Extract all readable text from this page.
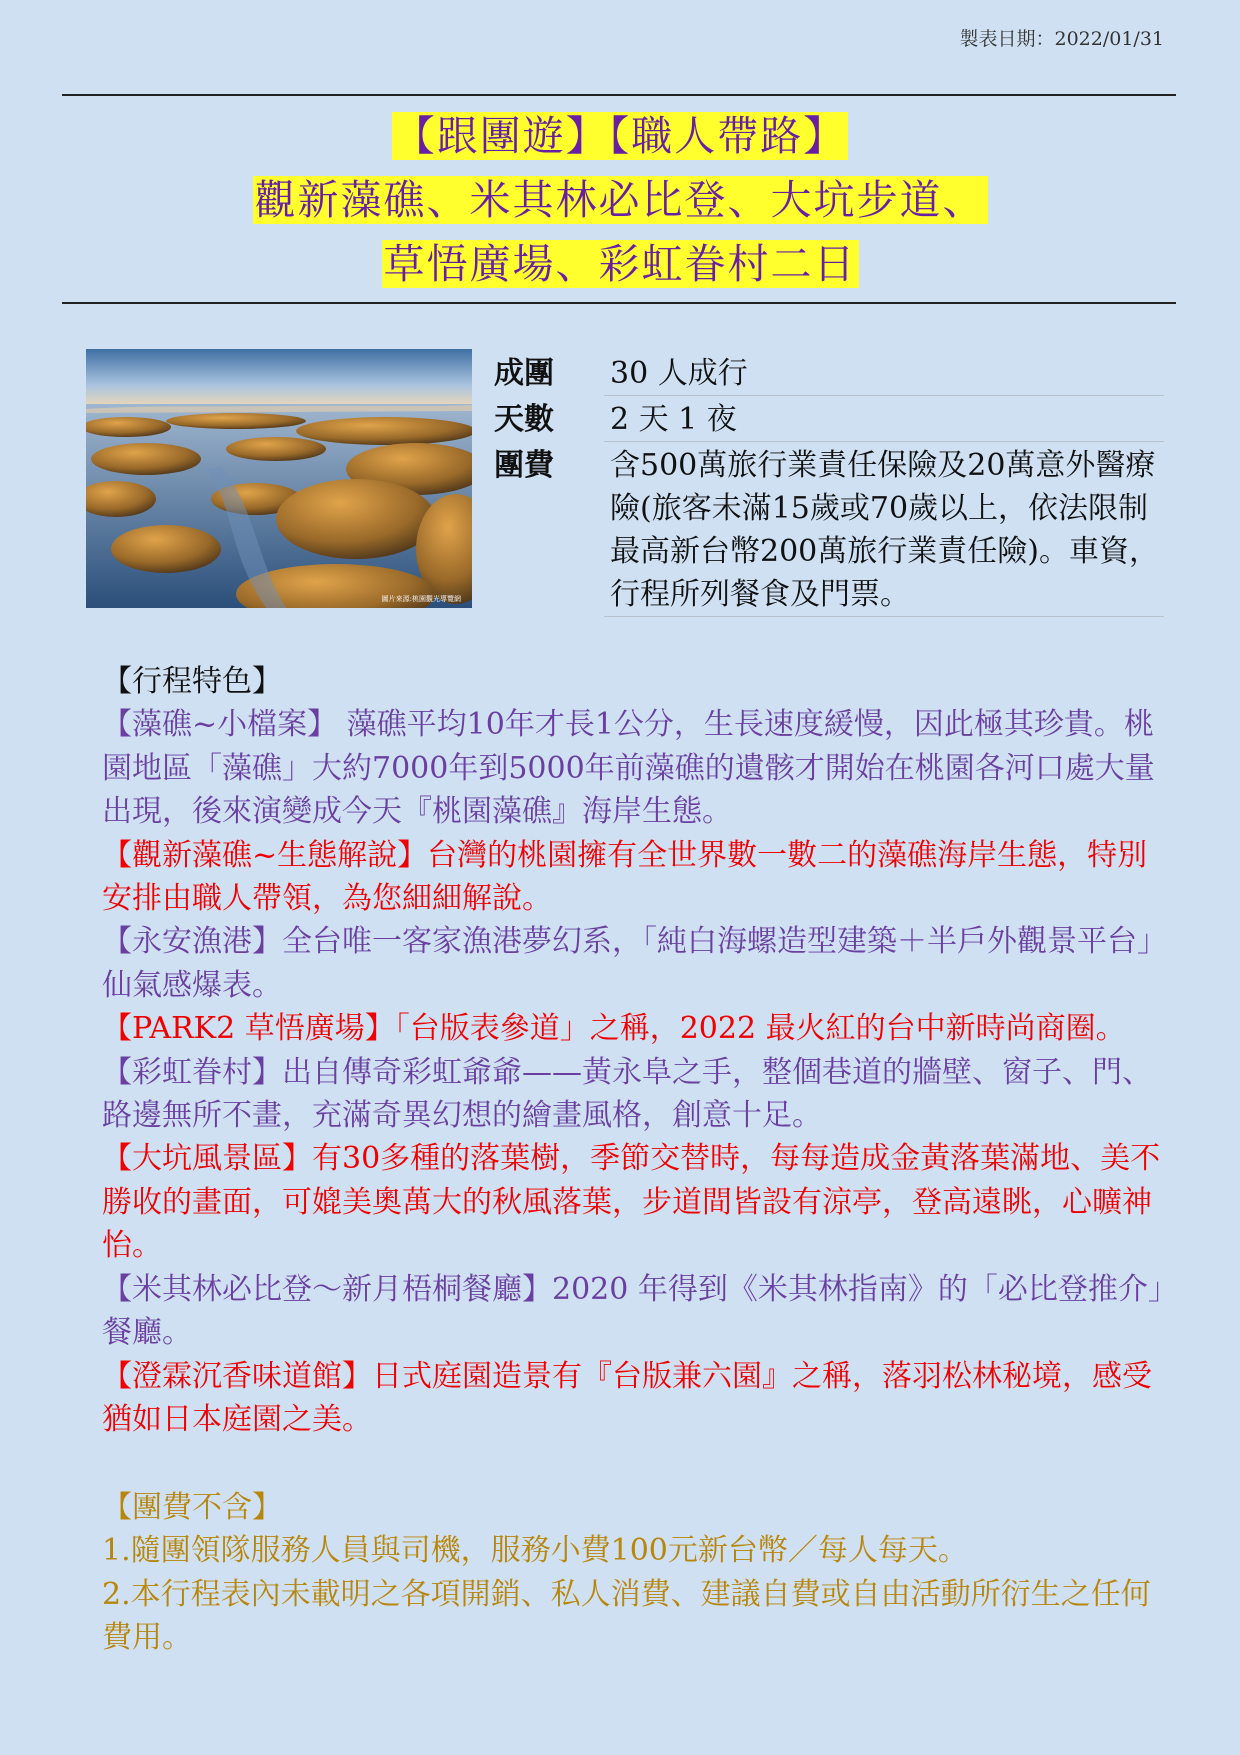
製表日期：2022/01/31
【跟團遊】【職人帶路】
觀新藻礁、米其林必比登、大坑步道、
草悟廣場、彩虹眷村二日
圖片來源:桃園觀光導覽網
成團	30 人成行
天數	2 天 1 夜
團費	含500萬旅行業責任保險及20萬意外醫療險(旅客未滿15歲或70歲以上，依法限制最高新台幣200萬旅行業責任險)。車資，行程所列餐食及門票。

【行程特色】

【藻礁~小檔案】 藻礁平均10年才長1公分，生長速度緩慢，因此極其珍貴。桃園地區「藻礁」大約7000年到5000年前藻礁的遺骸才開始在桃園各河口處大量出現，後來演變成今天『桃園藻礁』海岸生態。

【觀新藻礁~生態解說】台灣的桃園擁有全世界數一數二的藻礁海岸生態，特別安排由職人帶領，為您細細解說。

【永安漁港】全台唯一客家漁港夢幻系，「純白海螺造型建築＋半戶外觀景平台」仙氣感爆表。

【PARK2 草悟廣場】「台版表參道」之稱，2022 最火紅的台中新時尚商圈。

【彩虹眷村】出自傳奇彩虹爺爺——黃永阜之手，整個巷道的牆壁、窗子、門、路邊無所不畫，充滿奇異幻想的繪畫風格，創意十足。

【大坑風景區】有30多種的落葉樹，季節交替時，每每造成金黃落葉滿地、美不勝收的畫面，可媲美奧萬大的秋風落葉，步道間皆設有涼亭，登高遠眺，心曠神怡。

【米其林必比登～新月梧桐餐廳】2020 年得到《米其林指南》的「必比登推介」餐廳。

【澄霖沉香味道館】日式庭園造景有『台版兼六園』之稱，落羽松林秘境，感受猶如日本庭園之美。

【團費不含】

1.隨團領隊服務人員與司機，服務小費100元新台幣／每人每天。

2.本行程表內未載明之各項開銷、私人消費、建議自費或自由活動所衍生之任何費用。
